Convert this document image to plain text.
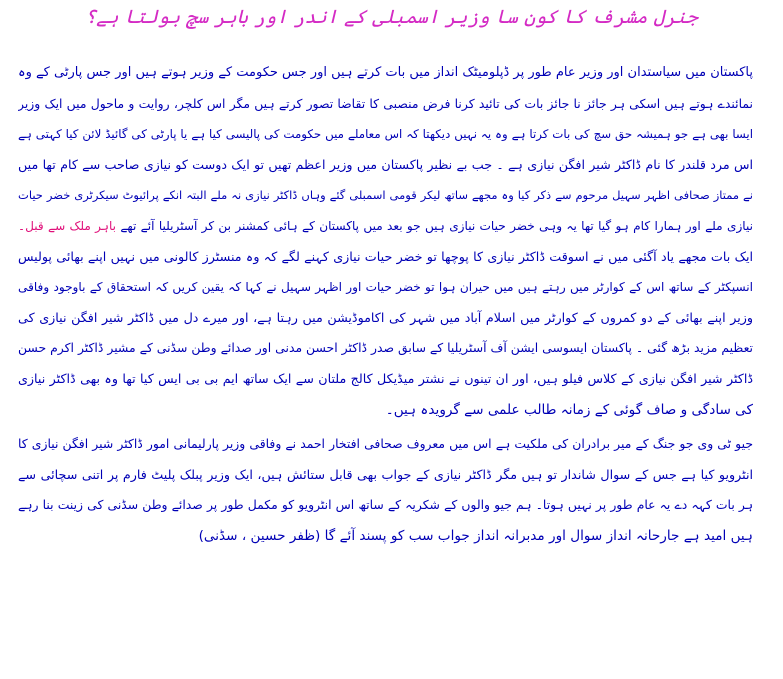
جنرل مشرف کا کون سا وزیر اسمبلی کے اندر اور باہر سچ بولتا ہے؟
پاکستان میں سیاستدان اور وزیر عام طور پر ڈپلومیٹک انداز میں بات کرتے ہیں اور جس حکومت کے وزیر ہوتے ہیں اور جس پارٹی کے وہ
نمائندے ہوتے ہیں اسکی ہر جائز نا جائز بات کی تائید کرنا فرض منصبی کا تقاضا تصور کرتے ہیں مگر اس کلچر، روایت و ماحول میں ایک وزیر
ایسا بھی ہے جو ہمیشہ حق سچ کی بات کرتا ہے وہ یہ نہیں دیکھتا کہ اس معاملے میں حکومت کی پالیسی کیا ہے یا پارٹی کی گائیڈ لائن کیا کہتی ہے
اس مرد قلندر کا نام ڈاکٹر شیر افگن نیازی ہے ۔ جب بے نظیر پاکستان میں وزیر اعظم تھیں تو ایک دوست کو نیازی صاحب سے کام تھا میں
نے ممتاز صحافی اظہر سہیل مرحوم سے ذکر کیا وہ مجھے ساتھ لیکر قومی اسمبلی گئے وہاں ڈاکٹر نیازی نہ ملے البتہ انکے پرائیوٹ سیکرٹری خضر حیات
نیازی ملے اور ہمارا کام ہو گیا تھا یہ وہی خضر حیات نیازی ہیں جو بعد میں پاکستان کے ہائی کمشنر بن کر آسٹریلیا آئے تھے باہر ملک سے قبل۔
ایک بات مجھے یاد آگئی میں نے اسوقت ڈاکٹر نیازی کا پوچھا تو خضر حیات نیازی کہنے لگے کہ وہ منسٹرز کالونی میں نہیں اپنے بھائی پولیس
انسپکٹر کے ساتھ اس کے کوارٹر میں رہتے ہیں میں حیران ہوا تو خضر حیات اور اظہر سہیل نے کہا کہ یقین کریں کہ استحقاق کے باوجود وفاقی
وزیر اپنے بھائی کے دو کمروں کے کوارٹر میں اسلام آباد میں شہر کی اکاموڈیشن میں رہتا ہے، اور میرے دل میں ڈاکٹر شیر افگن نیازی کی
تعظیم مزید بڑھ گئی ۔ پاکستان ایسوسی ایشن آف آسٹریلیا کے سابق صدر ڈاکٹر احسن مدنی اور صدائے وطن سڈنی کے مشیر ڈاکٹر اکرم حسن
ڈاکٹر شیر افگن نیازی کے کلاس فیلو ہیں، اور ان تینوں نے نشتر میڈیکل کالج ملتان سے ایک ساتھ ایم بی بی ایس کیا تھا وہ بھی ڈاکٹر نیازی
کی سادگی و صاف گوئی کے زمانہ طالب علمی سے گرویدہ ہیں۔
جیو ٹی وی جو جنگ کے میر برادران کی ملکیت ہے اس میں معروف صحافی افتخار احمد نے وفاقی وزیر پارلیمانی امور ڈاکٹر شیر افگن نیازی کا
انٹرویو کیا ہے جس کے سوال شاندار تو ہیں مگر ڈاکٹر نیازی کے جواب بھی قابل ستائش ہیں، ایک وزیر پبلک پلیٹ فارم پر اتنی سچائی سے
ہر بات کہہ دے یہ عام طور پر نہیں ہوتا۔ ہم جیو والوں کے شکریہ کے ساتھ اس انٹرویو کو مکمل طور پر صدائے وطن سڈنی کی زینت بنا رہے
ہیں امید ہے جارحانہ انداز سوال اور مدبرانہ انداز جواب سب کو پسند آئے گا (ظفر حسین ، سڈنی)
